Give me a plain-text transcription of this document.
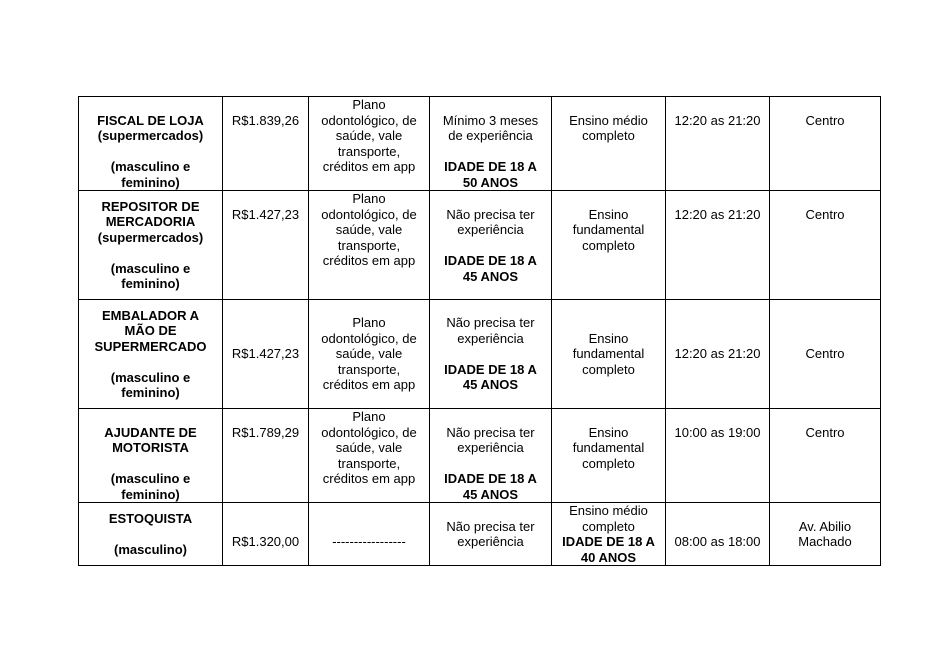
FISCAL DE LOJA
(supermercados)
(masculino e
feminino)	R$1.839,26	Plano
odontológico, de
saúde, vale
transporte,
créditos em app	Mínimo 3 meses
de experiência
IDADE DE 18 A
50 ANOS	Ensino médio
completo	12:20 as 21:20	Centro

REPOSITOR DE
MERCADORIA
(supermercados)
(masculino e
feminino)	R$1.427,23	Plano
odontológico, de
saúde, vale
transporte,
créditos em app	Não precisa ter
experiência
IDADE DE 18 A
45 ANOS	Ensino
fundamental
completo	12:20 as 21:20	Centro

EMBALADOR A
MÃO DE
SUPERMERCADO
(masculino e
feminino)	R$1.427,23	Plano
odontológico, de
saúde, vale
transporte,
créditos em app	Não precisa ter
experiência
IDADE DE 18 A
45 ANOS	Ensino
fundamental
completo	12:20 as 21:20	Centro

AJUDANTE DE
MOTORISTA
(masculino e
feminino)	R$1.789,29	Plano
odontológico, de
saúde, vale
transporte,
créditos em app	Não precisa ter
experiência
IDADE DE 18 A
45 ANOS	Ensino
fundamental
completo	10:00 as 19:00	Centro

ESTOQUISTA
(masculino)	R$1.320,00	-----------------	Não precisa ter
experiência	Ensino médio
completo
IDADE DE 18 A
40 ANOS	08:00 as 18:00	Av. Abilio
Machado
